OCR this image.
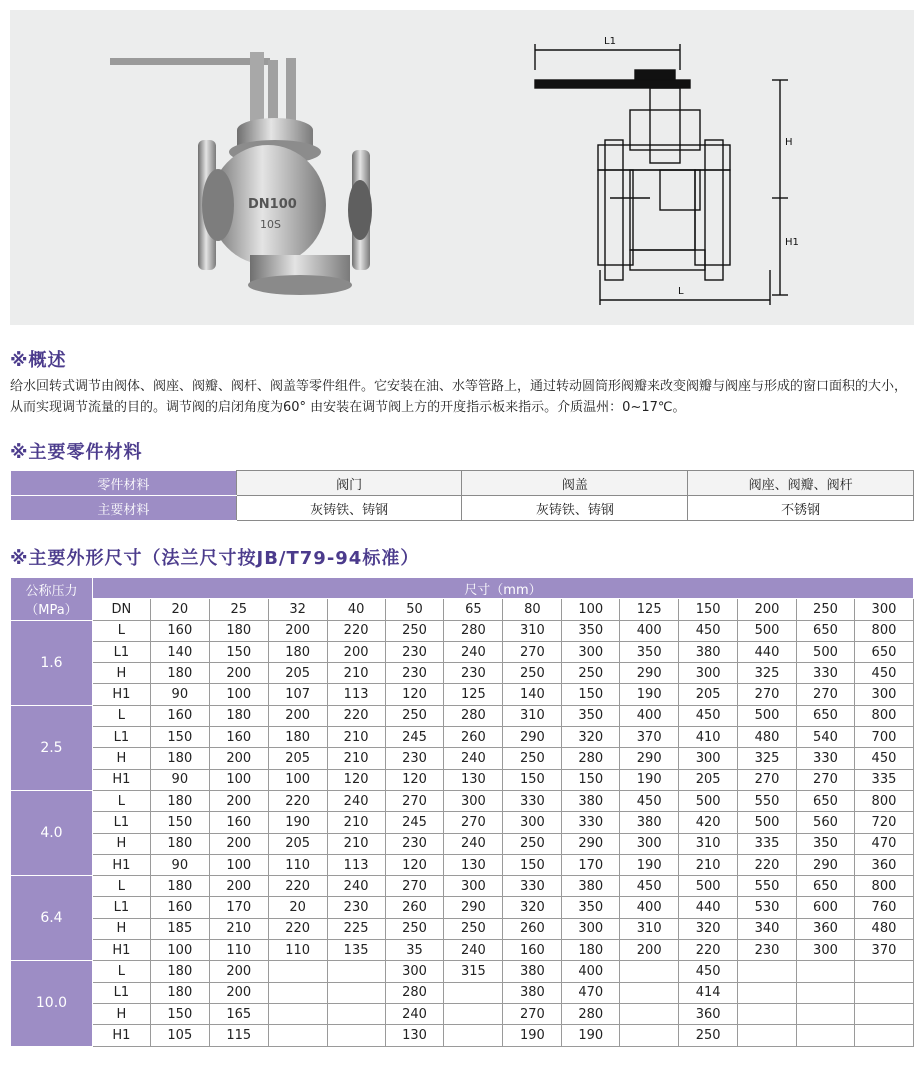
DN100
10S
L1
L
H
H1
※概述
给水回转式调节由阀体、阀座、阀瓣、阀杆、阀盖等零件组件。它安装在油、水等管路上，通过转动圆筒形阀瓣来改变阀瓣与阀座与形成的窗口面积的大小，从而实现调节流量的目的。调节阀的启闭角度为60° 由安装在调节阀上方的开度指示板来指示。介质温州：0~17℃。
※主要零件材料
零件材料	阀门	阀盖	阀座、阀瓣、阀杆
主要材料	灰铸铁、铸钢	灰铸铁、铸钢	不锈钢
※主要外形尺寸（法兰尺寸按JB/T79-94标准）
公称压力（MPa）	尺寸（mm）													
	DN	20	25	32	40	50	65	80	100	125	150	200	250	300
1.6	L	160	180	200	220	250	280	310	350	400	450	500	650	800
	L1	140	150	180	200	230	240	270	300	350	380	440	500	650
	H	180	200	205	210	230	230	250	250	290	300	325	330	450
	H1	90	100	107	113	120	125	140	150	190	205	270	270	300
2.5	L	160	180	200	220	250	280	310	350	400	450	500	650	800
	L1	150	160	180	210	245	260	290	320	370	410	480	540	700
	H	180	200	205	210	230	240	250	280	290	300	325	330	450
	H1	90	100	100	120	120	130	150	150	190	205	270	270	335
4.0	L	180	200	220	240	270	300	330	380	450	500	550	650	800
	L1	150	160	190	210	245	270	300	330	380	420	500	560	720
	H	180	200	205	210	230	240	250	290	300	310	335	350	470
	H1	90	100	110	113	120	130	150	170	190	210	220	290	360
6.4	L	180	200	220	240	270	300	330	380	450	500	550	650	800
	L1	160	170	20	230	260	290	320	350	400	440	530	600	760
	H	185	210	220	225	250	250	260	300	310	320	340	360	480
	H1	100	110	110	135	35	240	160	180	200	220	230	300	370
10.0	L	180	200			300	315	380	400		450			
	L1	180	200			280		380	470		414			
	H	150	165			240		270	280		360			
	H1	105	115			130		190	190		250			
